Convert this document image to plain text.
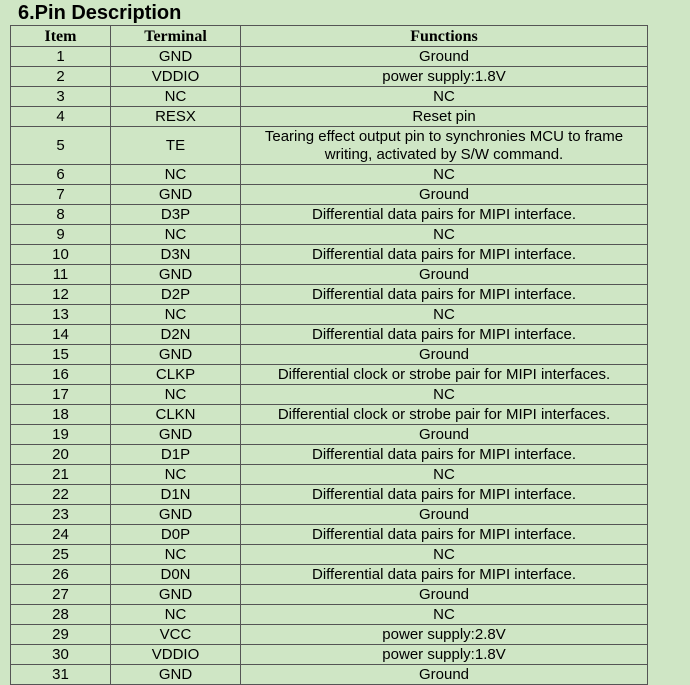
6.Pin Description
Item	Terminal	Functions
1	GND	Ground
2	VDDIO	power supply:1.8V
3	NC	NC
4	RESX	Reset pin
5	TE	Tearing effect output pin to synchronies MCU to frame writing, activated by S/W command.
6	NC	NC
7	GND	Ground
8	D3P	Differential data pairs for MIPI interface.
9	NC	NC
10	D3N	Differential data pairs for MIPI interface.
11	GND	Ground
12	D2P	Differential data pairs for MIPI interface.
13	NC	NC
14	D2N	Differential data pairs for MIPI interface.
15	GND	Ground
16	CLKP	Differential clock or strobe pair for MIPI interfaces.
17	NC	NC
18	CLKN	Differential clock or strobe pair for MIPI interfaces.
19	GND	Ground
20	D1P	Differential data pairs for MIPI interface.
21	NC	NC
22	D1N	Differential data pairs for MIPI interface.
23	GND	Ground
24	D0P	Differential data pairs for MIPI interface.
25	NC	NC
26	D0N	Differential data pairs for MIPI interface.
27	GND	Ground
28	NC	NC
29	VCC	power supply:2.8V
30	VDDIO	power supply:1.8V
31	GND	Ground
